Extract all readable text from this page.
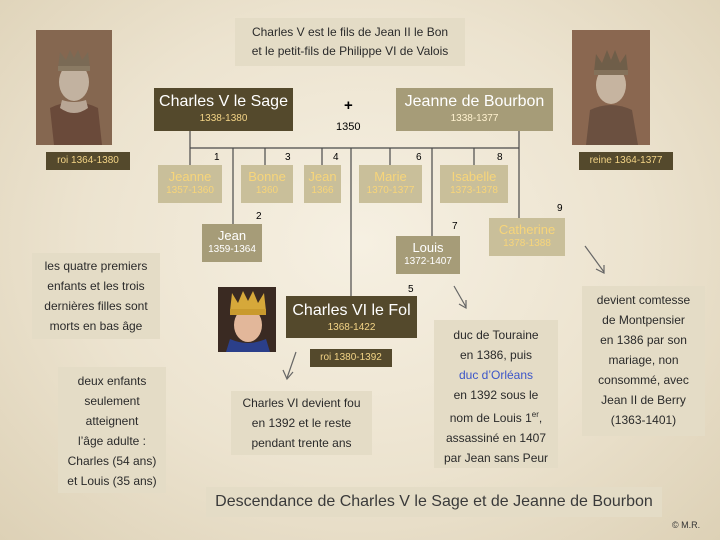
Charles V est le fils de Jean II le Bon
et le petit-fils de Philippe VI de Valois
roi 1364-1380	reine 1364-1377
Charles V le Sage
1338-1380
+
1350
Jeanne de Bourbon
1338-1377
1	3	4	6	8
2
7
9
5
Jeanne
1357-1360
Bonne
1360
Jean
1366
Marie
1370-1377
Isabelle
1373-1378
Jean
1359-1364	Louis
1372-1407
Catherine
1378-1388
Charles VI le Fol
1368-1422
roi 1380-1392
les quatre premiers
enfants et les trois
dernières filles sont
morts en bas âge
deux enfants
seulement
atteignent
l’âge adulte :
Charles (54 ans)
et Louis (35 ans)
Charles VI devient fou
en 1392 et le reste
pendant trente ans
duc de Touraine
en 1386, puis
duc d’Orléans
en 1392 sous le
nom de Louis 1er,
assassiné en 1407
par Jean sans Peur
devient comtesse
de Montpensier
en 1386 par son
mariage, non
consommé, avec
Jean II de Berry
(1363-1401)
Descendance de Charles V le Sage et de Jeanne de Bourbon
© M.R.
